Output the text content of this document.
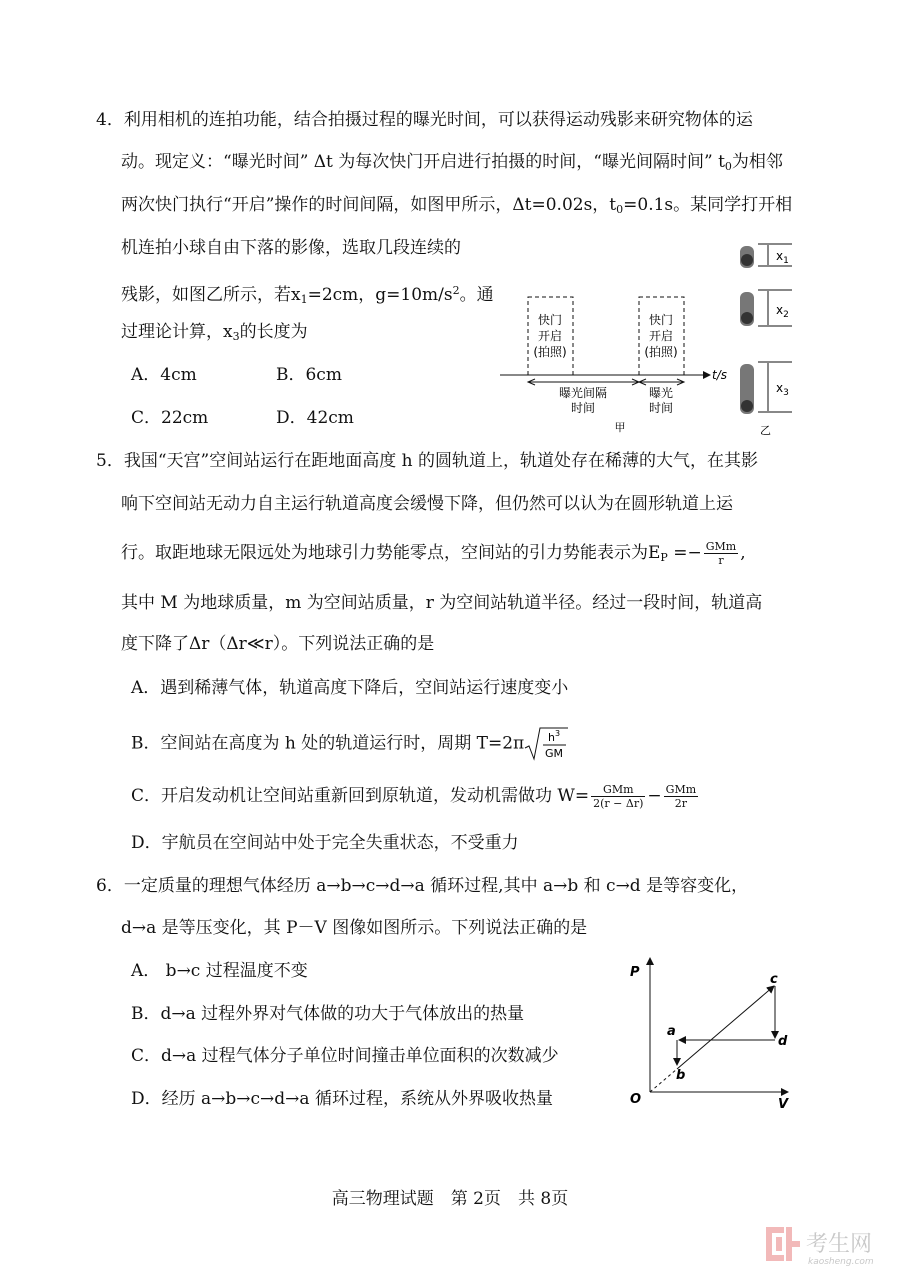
4．利用相机的连拍功能，结合拍摄过程的曝光时间，可以获得运动残影来研究物体的运
动。现定义：“曝光时间” Δt 为每次快门开启进行拍摄的时间，“曝光间隔时间” $t_0$为相邻
两次快门执行“开启”操作的时间间隔，如图甲所示，Δt=0.02s，$t_0=0.1s$。某同学打开相
机连拍小球自由下落的影像，选取几段连续的
残影，如图乙所示，若$x_1=2cm$，$g=10m/s^2$。通
过理论计算，$x_3$的长度为
A．4cm	B．6cm
C．22cm	D．42cm
快门
开启
(拍照)
快门
开启
(拍照)
t/s
曝光间隔
时间
曝光
时间
甲
$x_1$
$x_2$
$x_3$
乙
5．我国“天宫”空间站运行在距地面高度 h 的圆轨道上，轨道处存在稀薄的大气，在其影
响下空间站无动力自主运行轨道高度会缓慢下降，但仍然可以认为在圆形轨道上运
行。取距地球无限远处为地球引力势能零点，空间站的引力势能表示为$E_P =- \frac{\text{GMm}}{r}$ ,
其中 M 为地球质量，m 为空间站质量，r 为空间站轨道半径。经过一段时间，轨道高
度下降了Δr（Δr≪r）。下列说法正确的是
A．遇到稀薄气体，轨道高度下降后，空间站运行速度变小
B．空间站在高度为 h 处的轨道运行时，周期 T=2π $h^3$
GM
C．开启发动机让空间站重新回到原轨道，发动机需做功 $W= \frac{\text{GMm}}{2(r - \Delta r)} - \frac{\text{GMm}}{2r}$
D．宇航员在空间站中处于完全失重状态，不受重力
6．一定质量的理想气体经历 a→b→c→d→a 循环过程,其中 a→b 和 c→d 是等容变化，
d→a 是等压变化，其 P－V 图像如图所示。下列说法正确的是
A． b→c 过程温度不变
B．d→a 过程外界对气体做的功大于气体放出的热量
C．d→a 过程气体分子单位时间撞击单位面积的次数减少
D．经历 a→b→c→d→a 循环过程，系统从外界吸收热量
P
V
O
a
b
c
d
高三物理试题　第 2页　共 8页
考生网
kaosheng.com
